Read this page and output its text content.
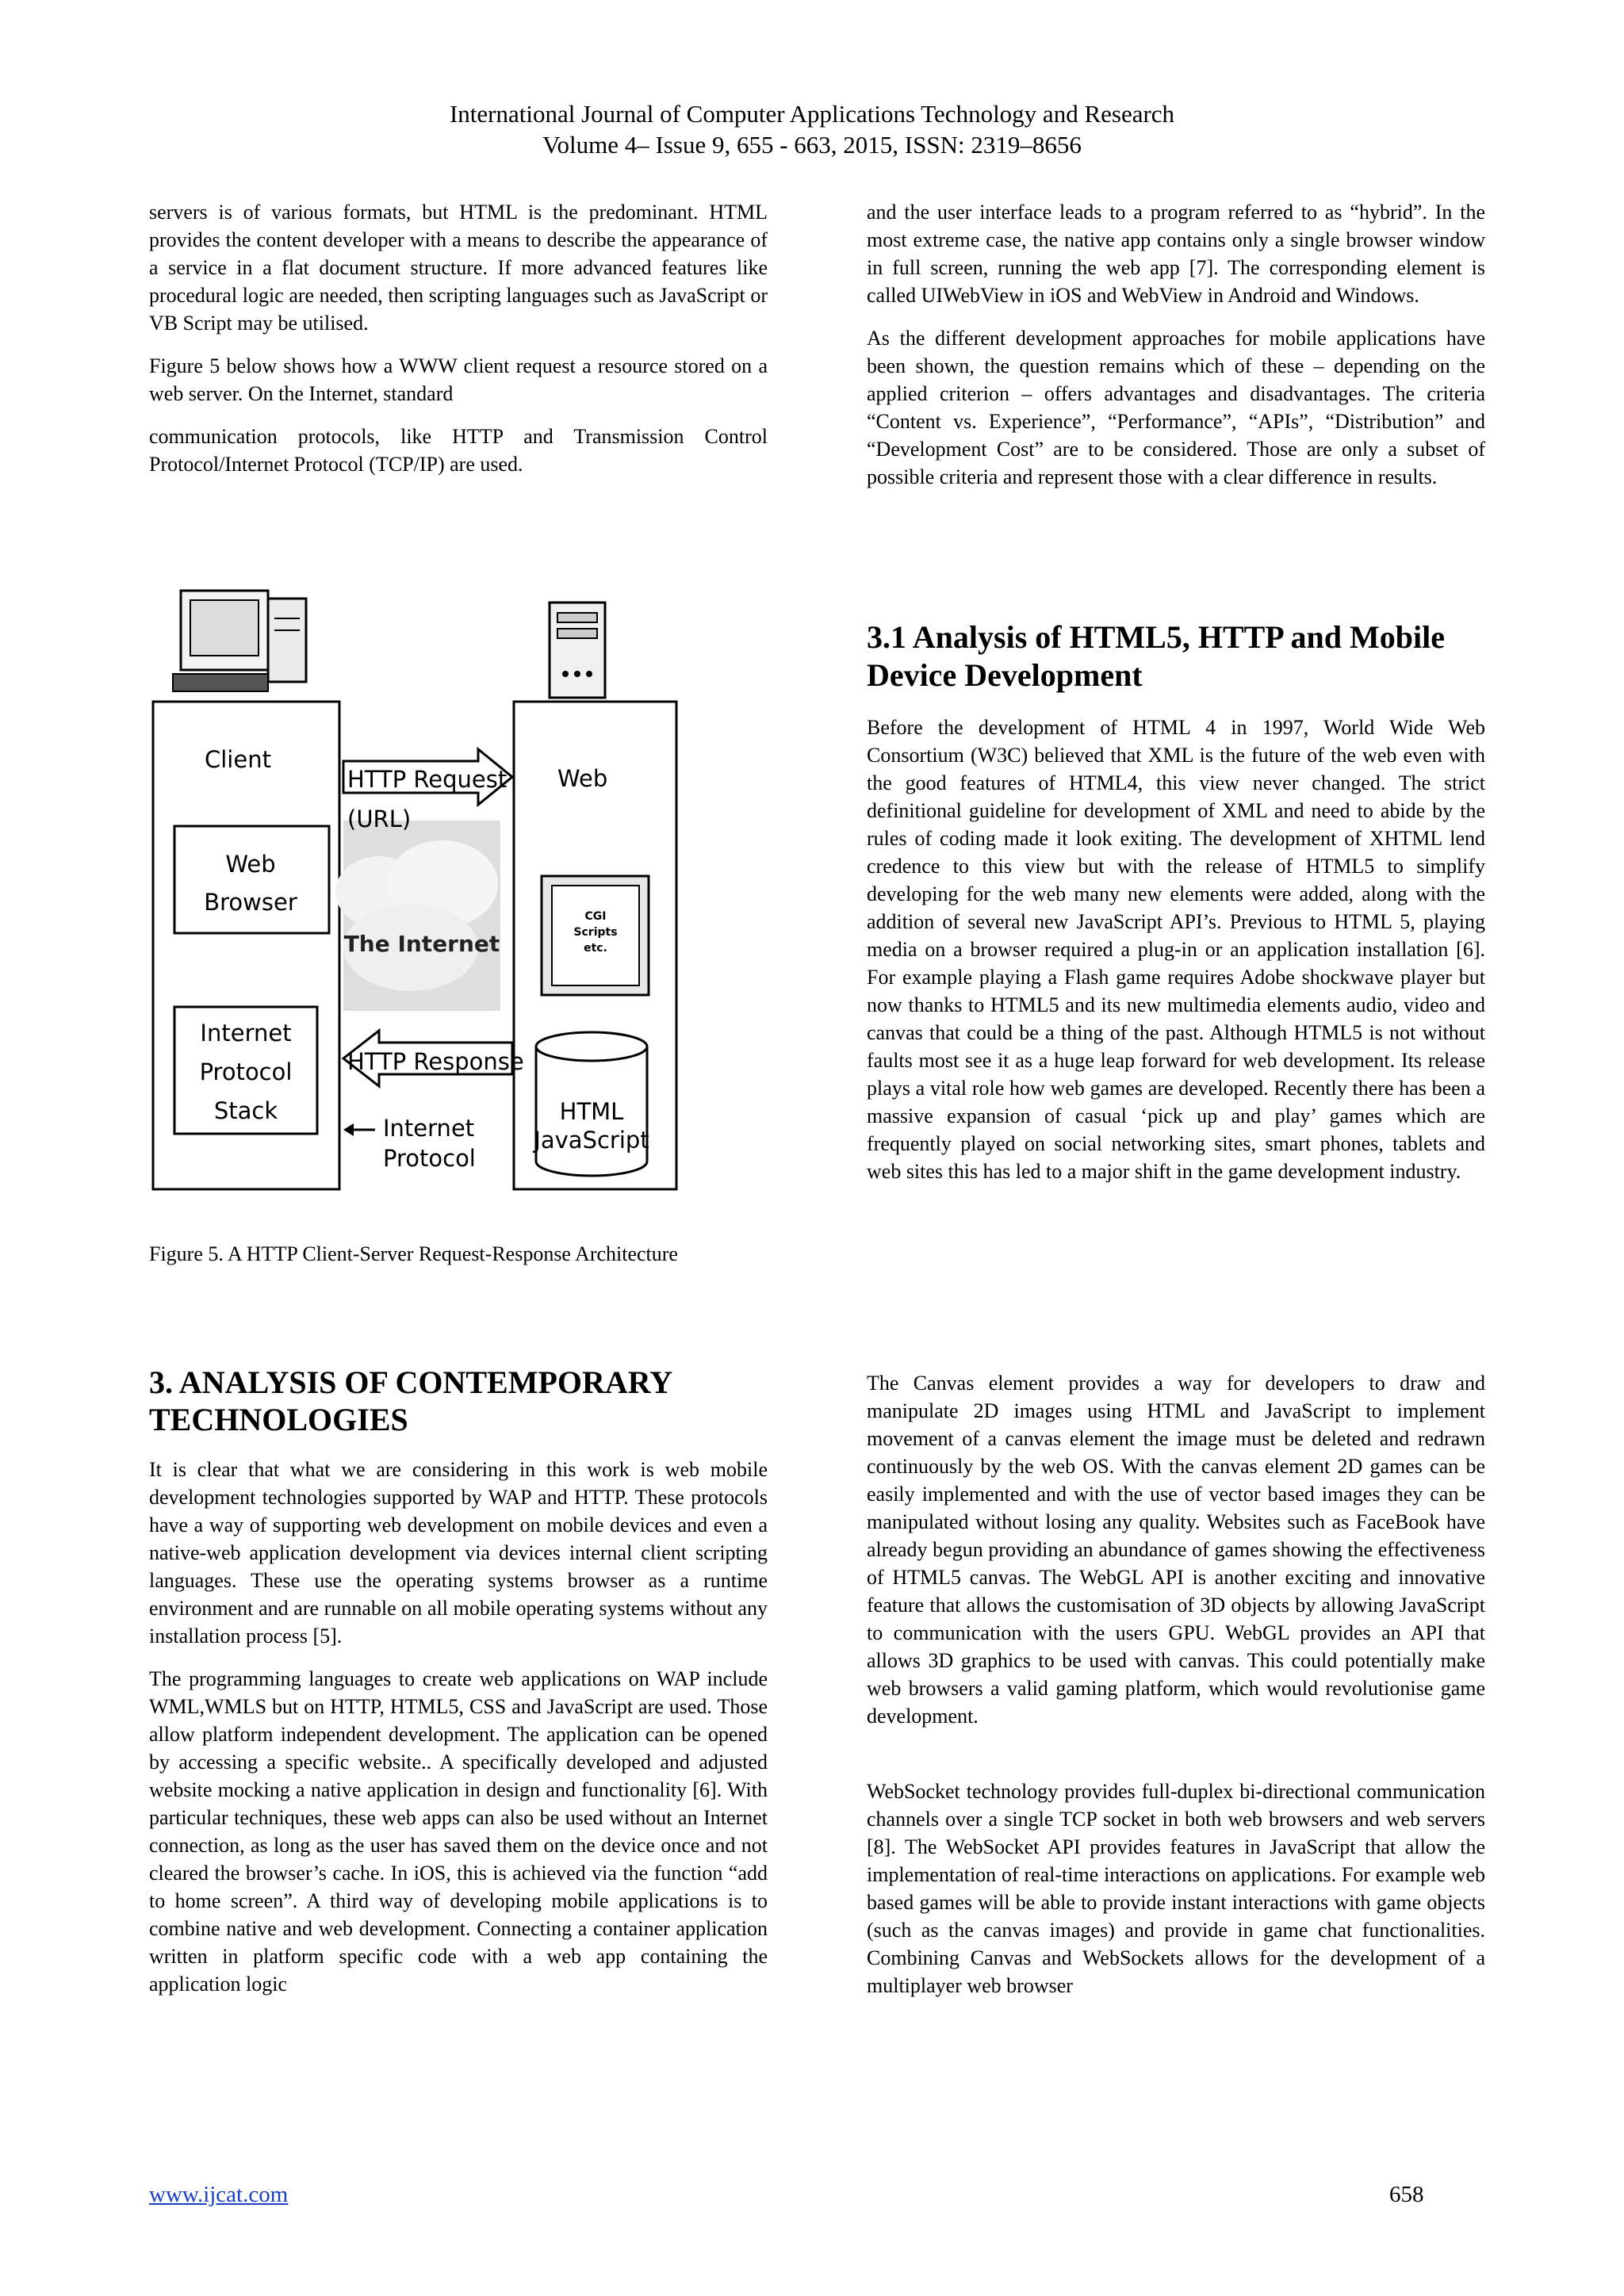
International Journal of Computer Applications Technology and Research
Volume 4– Issue 9, 655 - 663, 2015, ISSN: 2319–8656

servers is of various formats, but HTML is the predominant. HTML provides the content developer with a means to describe the appearance of a service in a flat document structure. If more advanced features like procedural logic are needed, then scripting languages such as JavaScript or VB Script may be utilised.

Figure 5 below shows how a WWW client request a resource stored on a web server. On the Internet, standard

communication protocols, like HTTP and Transmission Control Protocol/Internet Protocol (TCP/IP) are used.

Client
Web
Browser
Internet
Protocol
Stack
Web
CGI
Scripts
etc.
HTML
JavaScript
The Internet
HTTP Request
(URL)
HTTP Response
Internet
Protocol
Figure 5. A HTTP Client-Server Request-Response Architecture
3. ANALYSIS OF CONTEMPORARY TECHNOLOGIES

It is clear that what we are considering in this work is web mobile development technologies supported by WAP and HTTP. These protocols have a way of supporting web development on mobile devices and even a native-web application development via devices internal client scripting languages. These use the operating systems browser as a runtime environment and are runnable on all mobile operating systems without any installation process [5].

The programming languages to create web applications on WAP include WML,WMLS but on HTTP, HTML5, CSS and JavaScript are used. Those allow platform independent development. The application can be opened by accessing a specific website.. A specifically developed and adjusted website mocking a native application in design and functionality [6]. With particular techniques, these web apps can also be used without an Internet connection, as long as the user has saved them on the device once and not cleared the browser’s cache. In iOS, this is achieved via the function “add to home screen”. A third way of developing mobile applications is to combine native and web development. Connecting a container application written in platform specific code with a web app containing the application logic

and the user interface leads to a program referred to as “hybrid”. In the most extreme case, the native app contains only a single browser window in full screen, running the web app [7]. The corresponding element is called UIWebView in iOS and WebView in Android and Windows.

As the different development approaches for mobile applications have been shown, the question remains which of these – depending on the applied criterion – offers advantages and disadvantages. The criteria “Content vs. Experience”, “Performance”, “APIs”, “Distribution” and “Development Cost” are to be considered. Those are only a subset of possible criteria and represent those with a clear difference in results.

3.1 Analysis of HTML5, HTTP and Mobile Device Development

Before the development of HTML 4 in 1997, World Wide Web Consortium (W3C) believed that XML is the future of the web even with the good features of HTML4, this view never changed. The strict definitional guideline for development of XML and need to abide by the rules of coding made it look exiting. The development of XHTML lend credence to this view but with the release of HTML5 to simplify developing for the web many new elements were added, along with the addition of several new JavaScript API’s. Previous to HTML 5, playing media on a browser required a plug-in or an application installation [6]. For example playing a Flash game requires Adobe shockwave player but now thanks to HTML5 and its new multimedia elements audio, video and canvas that could be a thing of the past. Although HTML5 is not without faults most see it as a huge leap forward for web development. Its release plays a vital role how web games are developed. Recently there has been a massive expansion of casual ‘pick up and play’ games which are frequently played on social networking sites, smart phones, tablets and web sites this has led to a major shift in the game development industry.

The Canvas element provides a way for developers to draw and manipulate 2D images using HTML and JavaScript to implement movement of a canvas element the image must be deleted and redrawn continuously by the web OS. With the canvas element 2D games can be easily implemented and with the use of vector based images they can be manipulated without losing any quality. Websites such as FaceBook have already begun providing an abundance of games showing the effectiveness of HTML5 canvas. The WebGL API is another exciting and innovative feature that allows the customisation of 3D objects by allowing JavaScript to communication with the users GPU. WebGL provides an API that allows 3D graphics to be used with canvas. This could potentially make web browsers a valid gaming platform, which would revolutionise game development.

WebSocket technology provides full-duplex bi-directional communication channels over a single TCP socket in both web browsers and web servers [8]. The WebSocket API provides features in JavaScript that allow the implementation of real-time interactions on applications. For example web based games will be able to provide instant interactions with game objects (such as the canvas images) and provide in game chat functionalities. Combining Canvas and WebSockets allows for the development of a multiplayer web browser

www.ijcat.com	658
